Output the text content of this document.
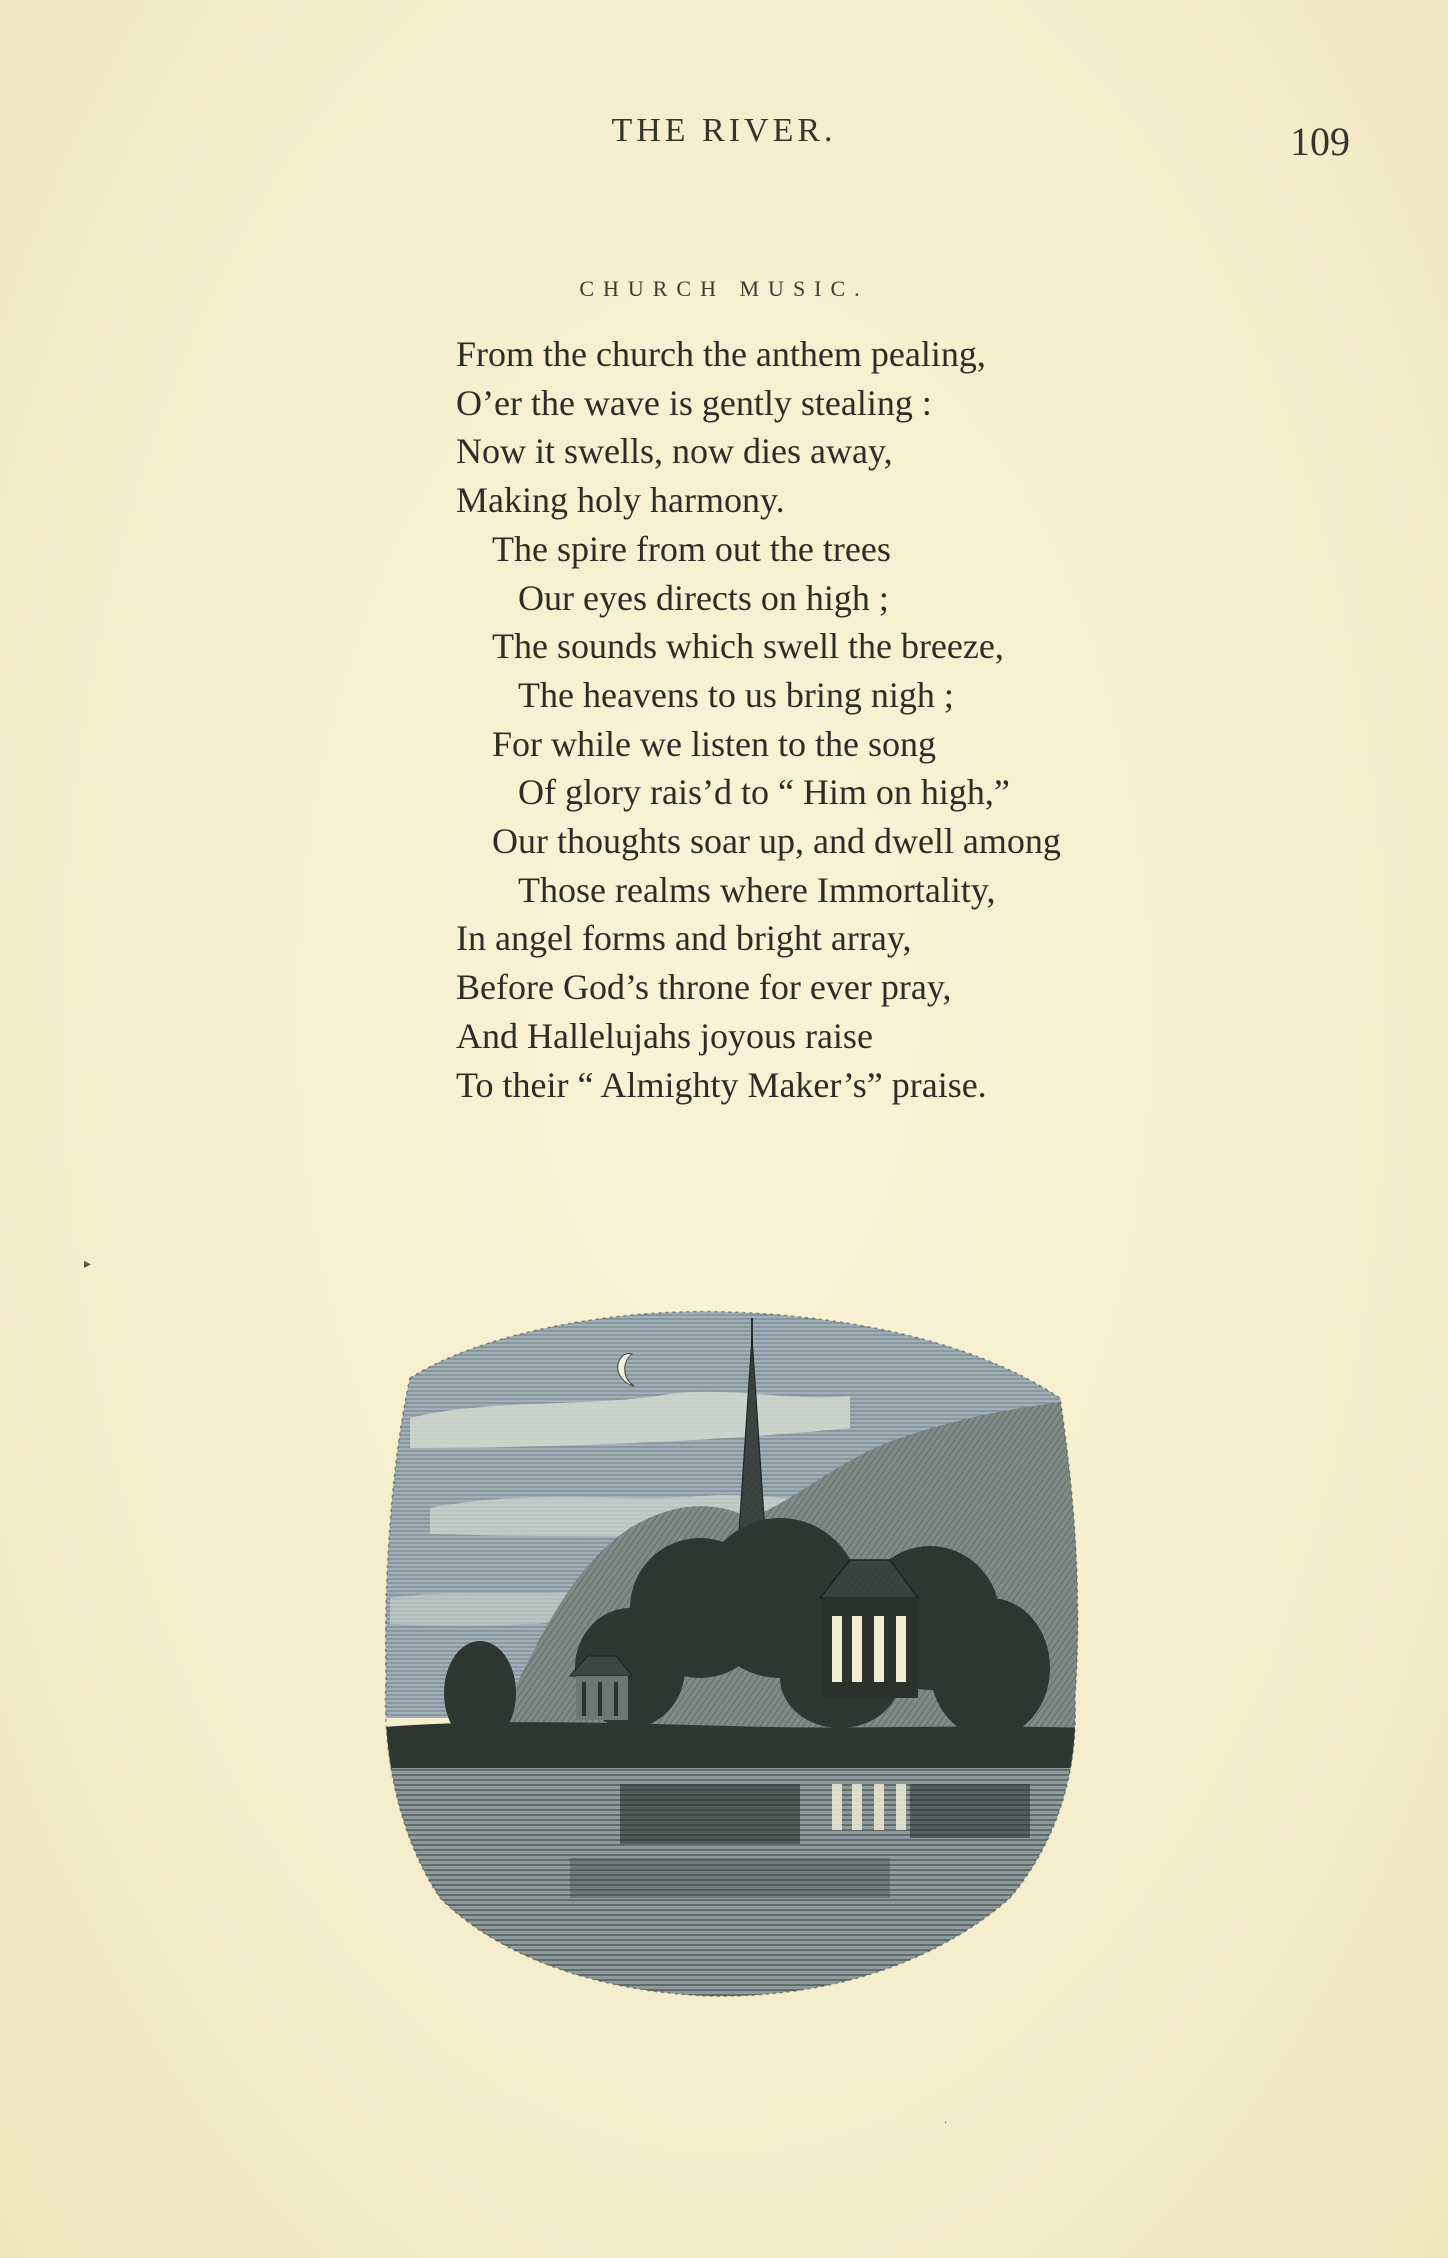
THE RIVER.	109
CHURCH MUSIC.
From the church the anthem pealing,
O’er the wave is gently stealing :
Now it swells, now dies away,
Making holy harmony.
The spire from out the trees
Our eyes directs on high ;
The sounds which swell the breeze,
The heavens to us bring nigh ;
For while we listen to the song
Of glory rais’d to “ Him on high,”
Our thoughts soar up, and dwell among
Those realms where Immortality,
In angel forms and bright array,
Before God’s throne for ever pray,
And Hallelujahs joyous raise
To their “ Almighty Maker’s” praise.
▸
·
